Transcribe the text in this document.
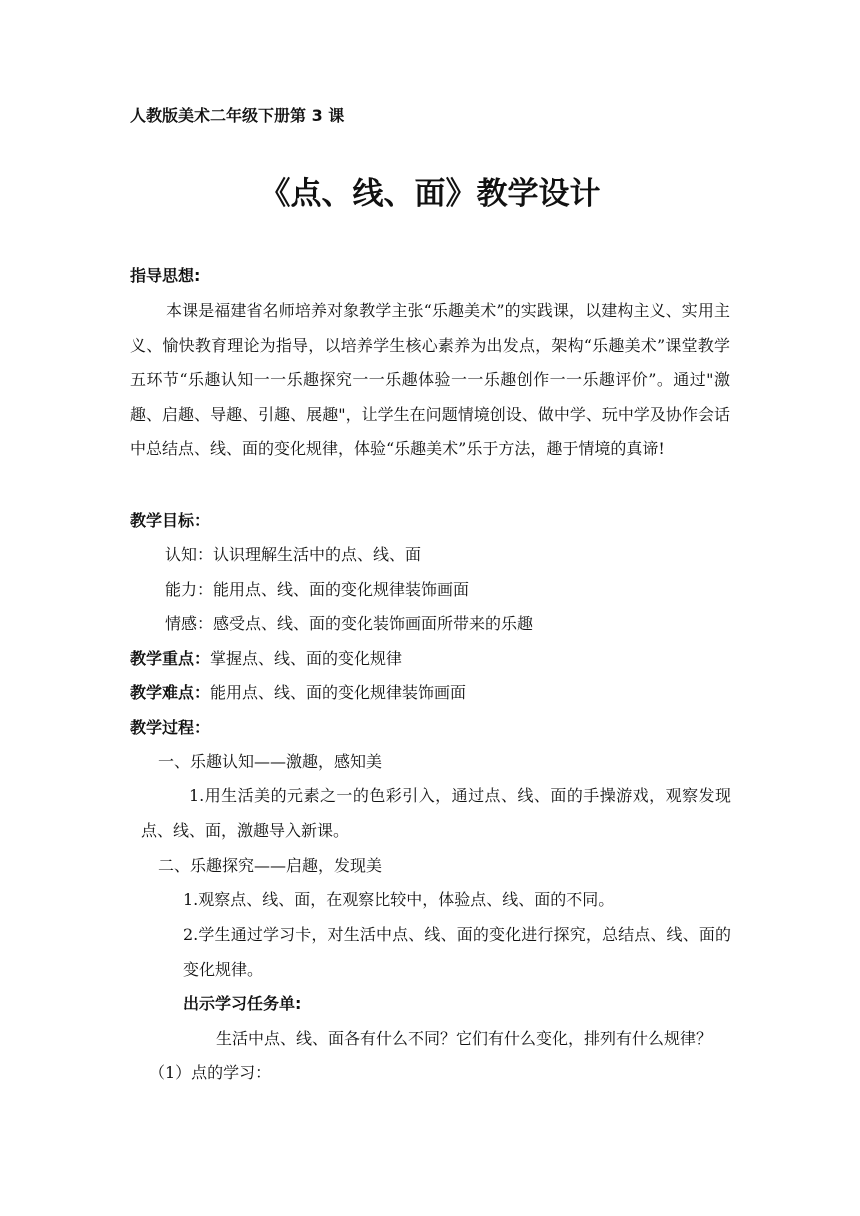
人教版美术二年级下册第 3 课
《点、线、面》教学设计
指导思想:

本课是福建省名师培养对象教学主张“乐趣美术”的实践课，以建构主义、实用主义、愉快教育理论为指导，以培养学生核心素养为出发点，架构“乐趣美术”课堂教学五环节“乐趣认知一一乐趣探究一一乐趣体验一一乐趣创作一一乐趣评价”。通过"激趣、启趣、导趣、引趣、展趣"，让学生在问题情境创设、做中学、玩中学及协作会话中总结点、线、面的变化规律，体验“乐趣美术”乐于方法，趣于情境的真谛!

教学目标：
认知：认识理解生活中的点、线、面
能力：能用点、线、面的变化规律装饰画面
情感：感受点、线、面的变化装饰画面所带来的乐趣
教学重点：掌握点、线、面的变化规律
教学难点：能用点、线、面的变化规律装饰画面
教学过程：
一、乐趣认知——激趣，感知美

1.用生活美的元素之一的色彩引入，通过点、线、面的手操游戏，观察发现点、线、面，激趣导入新课。

二、乐趣探究——启趣，发现美
1.观察点、线、面，在观察比较中，体验点、线、面的不同。

2.学生通过学习卡，对生活中点、线、面的变化进行探究，总结点、线、面的变化规律。

出示学习任务单:
生活中点、线、面各有什么不同？它们有什么变化，排列有什么规律？
（1）点的学习：
